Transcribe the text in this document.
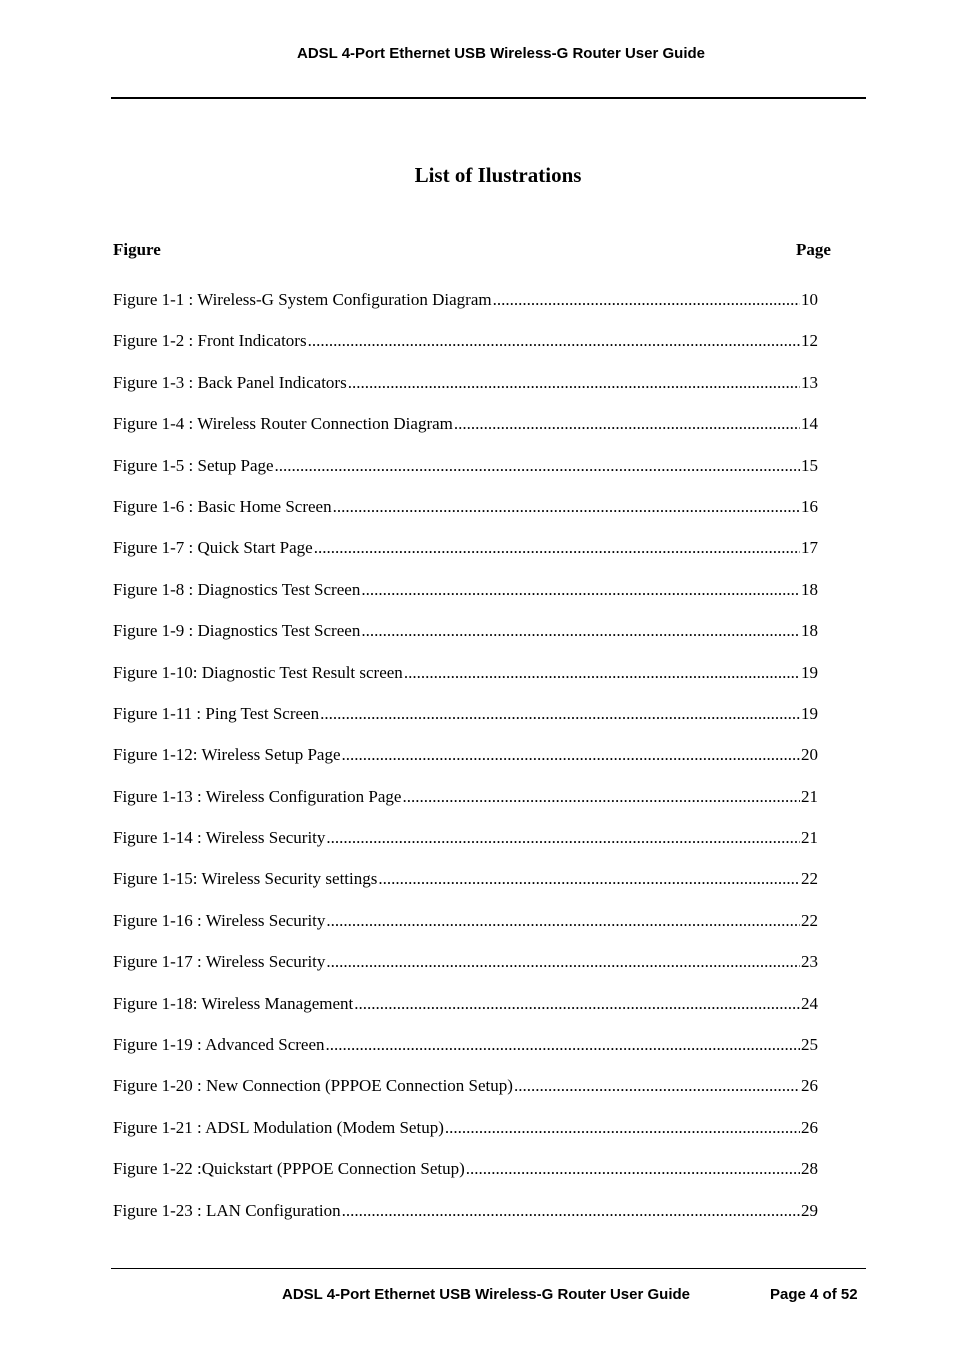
ADSL 4-Port Ethernet USB Wireless-G Router User Guide
List of Ilustrations
Figure	Page
Figure 1-1 : Wireless-G System Configuration Diagram .....	10
Figure 1-2 : Front Indicators .....	12
Figure 1-3 : Back Panel Indicators .....	13
Figure 1-4 : Wireless Router Connection Diagram .....	14
Figure 1-5 : Setup Page .....	15
Figure 1-6 : Basic Home Screen .....	16
Figure 1-7 : Quick Start Page .....	17
Figure 1-8 : Diagnostics Test Screen .....	18
Figure 1-9 : Diagnostics Test Screen .....	18
Figure 1-10: Diagnostic Test Result screen .....	19
Figure 1-11 : Ping Test Screen .....	19
Figure 1-12: Wireless Setup Page .....	20
Figure 1-13 : Wireless Configuration Page .....	21
Figure 1-14 : Wireless Security .....	21
Figure 1-15: Wireless Security settings .....	22
Figure 1-16 : Wireless Security .....	22
Figure 1-17 : Wireless Security .....	23
Figure 1-18: Wireless Management .....	24
Figure 1-19 : Advanced Screen .....	25
Figure 1-20 : New Connection (PPPOE Connection Setup) .....	26
Figure 1-21 : ADSL Modulation (Modem Setup) .....	26
Figure 1-22 :Quickstart (PPPOE Connection Setup) .....	28
Figure 1-23 : LAN Configuration .....	29
ADSL 4-Port Ethernet USB Wireless-G Router User Guide	Page 4 of 52
